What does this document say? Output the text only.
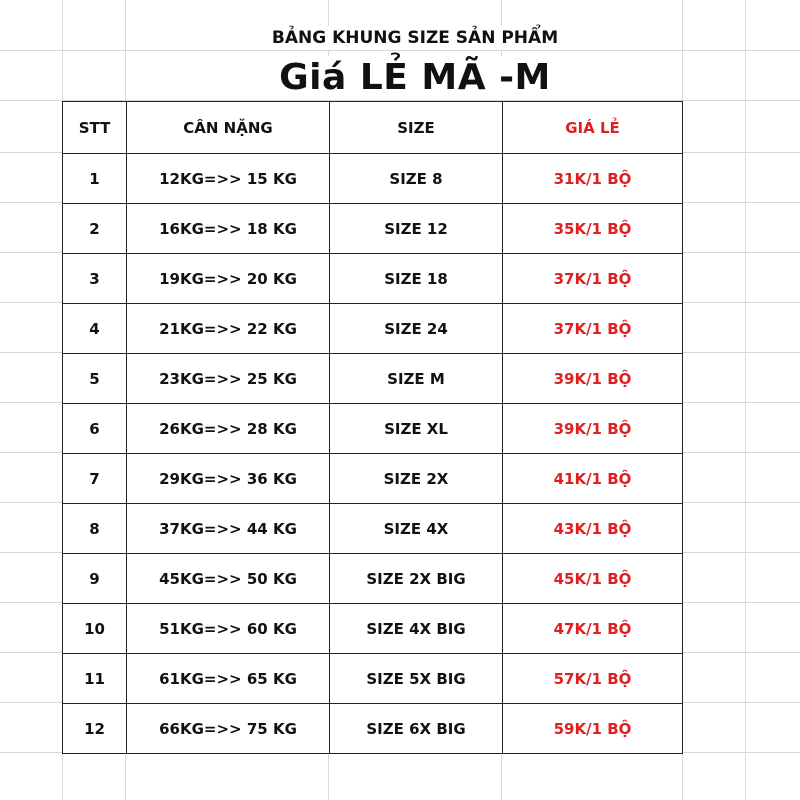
BẢNG KHUNG SIZE SẢN PHẨM
Giá LẺ MÃ -M
STT	CÂN NẶNG	SIZE	GIÁ LẺ
1	12KG=>> 15 KG	SIZE 8	31K/1 BỘ
2	16KG=>> 18 KG	SIZE 12	35K/1 BỘ
3	19KG=>> 20 KG	SIZE 18	37K/1 BỘ
4	21KG=>> 22 KG	SIZE 24	37K/1 BỘ
5	23KG=>> 25 KG	SIZE M	39K/1 BỘ
6	26KG=>> 28 KG	SIZE XL	39K/1 BỘ
7	29KG=>> 36 KG	SIZE 2X	41K/1 BỘ
8	37KG=>> 44 KG	SIZE 4X	43K/1 BỘ
9	45KG=>> 50 KG	SIZE 2X BIG	45K/1 BỘ
10	51KG=>> 60 KG	SIZE 4X BIG	47K/1 BỘ
11	61KG=>> 65 KG	SIZE 5X BIG	57K/1 BỘ
12	66KG=>> 75 KG	SIZE 6X BIG	59K/1 BỘ
